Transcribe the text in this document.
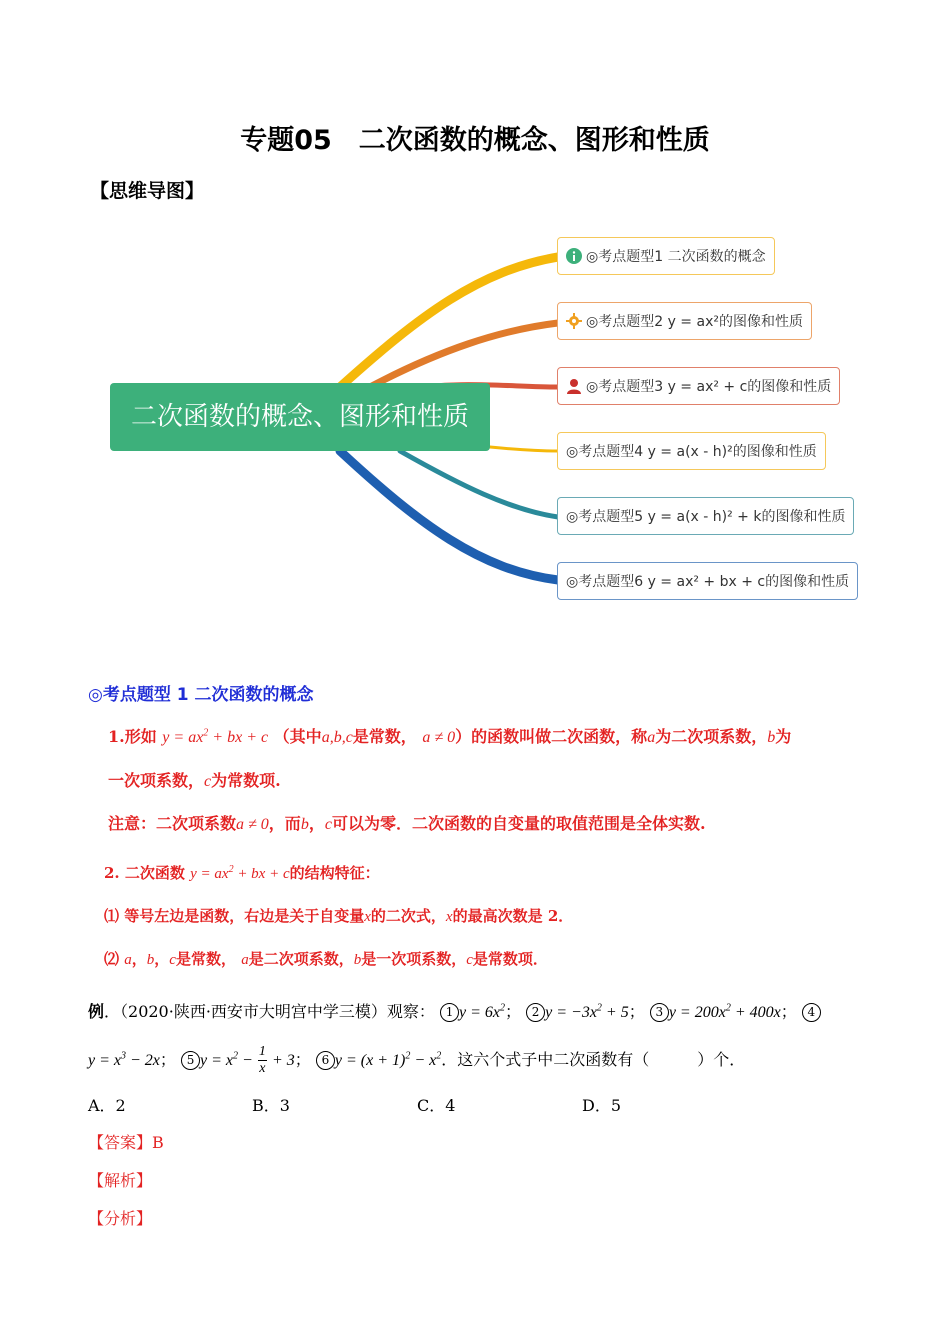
专题05　二次函数的概念、图形和性质
【思维导图】
二次函数的概念、图形和性质
◎考点题型1 二次函数的概念
◎考点题型2 y = ax²的图像和性质
◎考点题型3 y = ax² + c的图像和性质
◎考点题型4 y = a(x - h)²的图像和性质
◎考点题型5 y = a(x - h)² + k的图像和性质
◎考点题型6 y = ax² + bx + c的图像和性质
◎考点题型 1 二次函数的概念
1.形如 $y = ax^2$ + bx + c （其中a,b,c是常数， a ≠ 0）的函数叫做二次函数，称a为二次项系数，b为
一次项系数，c为常数项.
注意：二次项系数a ≠ 0，而b，c可以为零．二次函数的自变量的取值范围是全体实数.
2. 二次函数 $y = ax^2$ + bx + c的结构特征：
⑴ 等号左边是函数，右边是关于自变量x的二次式，x的最高次数是 2．
⑵ a，b，c是常数， a是二次项系数，b是一次项系数，c是常数项．
例．（2020·陕西·西安市大明宫中学三模）观察： 1 $y = 6x^2$； 2 $y = -3x^2 + 5$； 3 $y = 200x^2 + 400x$； 4
$y = x^3 - 2x$； 5 $y = x^2 - \frac{1}{x} + 3$； 6 $y = (x + 1)^2 - x^2$．这六个式子中二次函数有（　　　）个．
A．2	B．3	C．4	D．5
【答案】B
【解析】
【分析】
